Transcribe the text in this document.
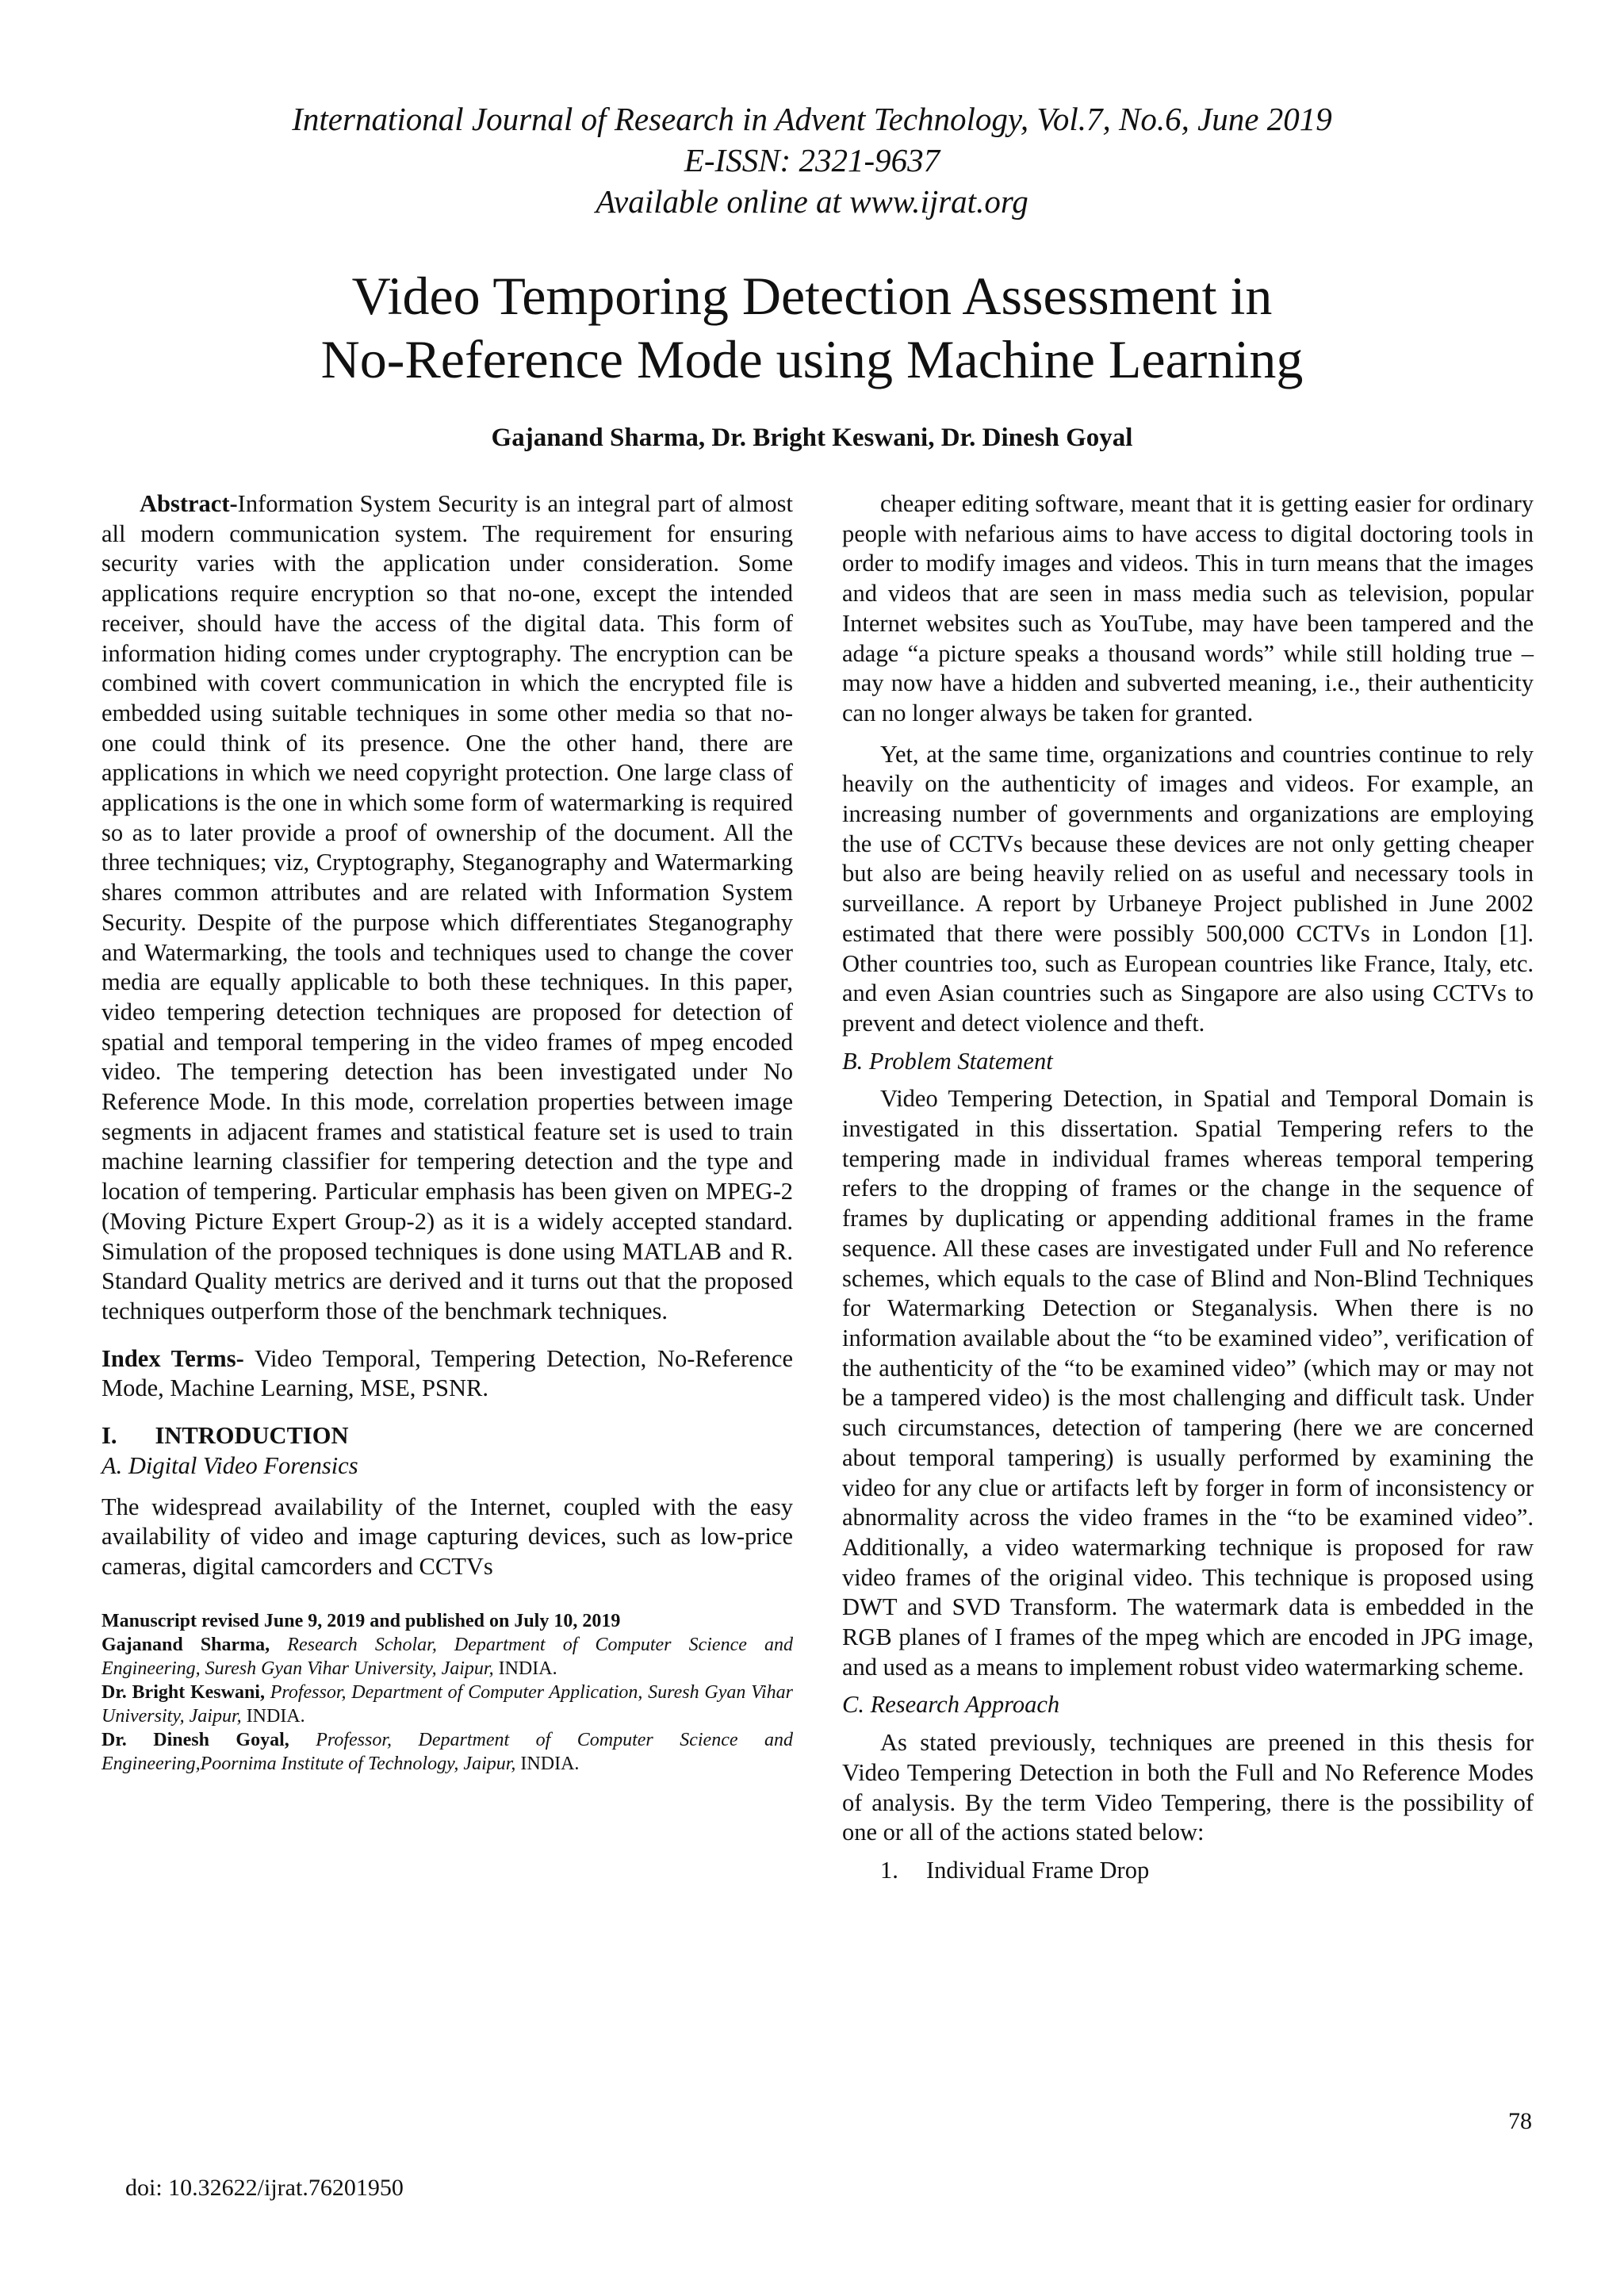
International Journal of Research in Advent Technology, Vol.7, No.6, June 2019
E-ISSN: 2321-9637
Available online at www.ijrat.org
Video Temporing Detection Assessment in
No-Reference Mode using Machine Learning
Gajanand Sharma, Dr. Bright Keswani, Dr. Dinesh Goyal

Abstract-Information System Security is an integral part of almost all modern communication system. The requirement for ensuring security varies with the application under consideration. Some applications require encryption so that no-one, except the intended receiver, should have the access of the digital data. This form of information hiding comes under cryptography. The encryption can be combined with covert communication in which the encrypted file is embedded using suitable techniques in some other media so that no-one could think of its presence. One the other hand, there are applications in which we need copyright protection. One large class of applications is the one in which some form of watermarking is required so as to later provide a proof of ownership of the document. All the three techniques; viz, Cryptography, Steganography and Watermarking shares common attributes and are related with Information System Security. Despite of the purpose which differentiates Steganography and Watermarking, the tools and techniques used to change the cover media are equally applicable to both these techniques. In this paper, video tempering detection techniques are proposed for detection of spatial and temporal tempering in the video frames of mpeg encoded video. The tempering detection has been investigated under No Reference Mode. In this mode, correlation properties between image segments in adjacent frames and statistical feature set is used to train machine learning classifier for tempering detection and the type and location of tempering. Particular emphasis has been given on MPEG-2 (Moving Picture Expert Group-2) as it is a widely accepted standard. Simulation of the proposed techniques is done using MATLAB and R. Standard Quality metrics are derived and it turns out that the proposed techniques outperform those of the benchmark techniques.

Index Terms- Video Temporal, Tempering Detection, No-Reference Mode, Machine Learning, MSE, PSNR.

I. INTRODUCTION

A. Digital Video Forensics

The widespread availability of the Internet, coupled with the easy availability of video and image capturing devices, such as low-price cameras, digital camcorders and CCTVs

Manuscript revised June 9, 2019 and published on July 10, 2019

Gajanand Sharma, Research Scholar, Department of Computer Science and Engineering, Suresh Gyan Vihar University, Jaipur, INDIA.

Dr. Bright Keswani, Professor, Department of Computer Application, Suresh Gyan Vihar University, Jaipur, INDIA.

Dr. Dinesh Goyal, Professor, Department of Computer Science and Engineering,Poornima Institute of Technology, Jaipur, INDIA.

cheaper editing software, meant that it is getting easier for ordinary people with nefarious aims to have access to digital doctoring tools in order to modify images and videos. This in turn means that the images and videos that are seen in mass media such as television, popular Internet websites such as YouTube, may have been tampered and the adage “a picture speaks a thousand words” while still holding true – may now have a hidden and subverted meaning, i.e., their authenticity can no longer always be taken for granted.

Yet, at the same time, organizations and countries continue to rely heavily on the authenticity of images and videos. For example, an increasing number of governments and organizations are employing the use of CCTVs because these devices are not only getting cheaper but also are being heavily relied on as useful and necessary tools in surveillance. A report by Urbaneye Project published in June 2002 estimated that there were possibly 500,000 CCTVs in London [1]. Other countries too, such as European countries like France, Italy, etc. and even Asian countries such as Singapore are also using CCTVs to prevent and detect violence and theft.

B. Problem Statement

Video Tempering Detection, in Spatial and Temporal Domain is investigated in this dissertation. Spatial Tempering refers to the tempering made in individual frames whereas temporal tempering refers to the dropping of frames or the change in the sequence of frames by duplicating or appending additional frames in the frame sequence. All these cases are investigated under Full and No reference schemes, which equals to the case of Blind and Non-Blind Techniques for Watermarking Detection or Steganalysis. When there is no information available about the “to be examined video”, verification of the authenticity of the “to be examined video” (which may or may not be a tampered video) is the most challenging and difficult task. Under such circumstances, detection of tampering (here we are concerned about temporal tampering) is usually performed by examining the video for any clue or artifacts left by forger in form of inconsistency or abnormality across the video frames in the “to be examined video”. Additionally, a video watermarking technique is proposed for raw video frames of the original video. This technique is proposed using DWT and SVD Transform. The watermark data is embedded in the RGB planes of I frames of the mpeg which are encoded in JPG image, and used as a means to implement robust video watermarking scheme.

C. Research Approach

As stated previously, techniques are preened in this thesis for Video Tempering Detection in both the Full and No Reference Modes of analysis. By the term Video Tempering, there is the possibility of one or all of the actions stated below:

1. Individual Frame Drop

78
doi: 10.32622/ijrat.76201950
